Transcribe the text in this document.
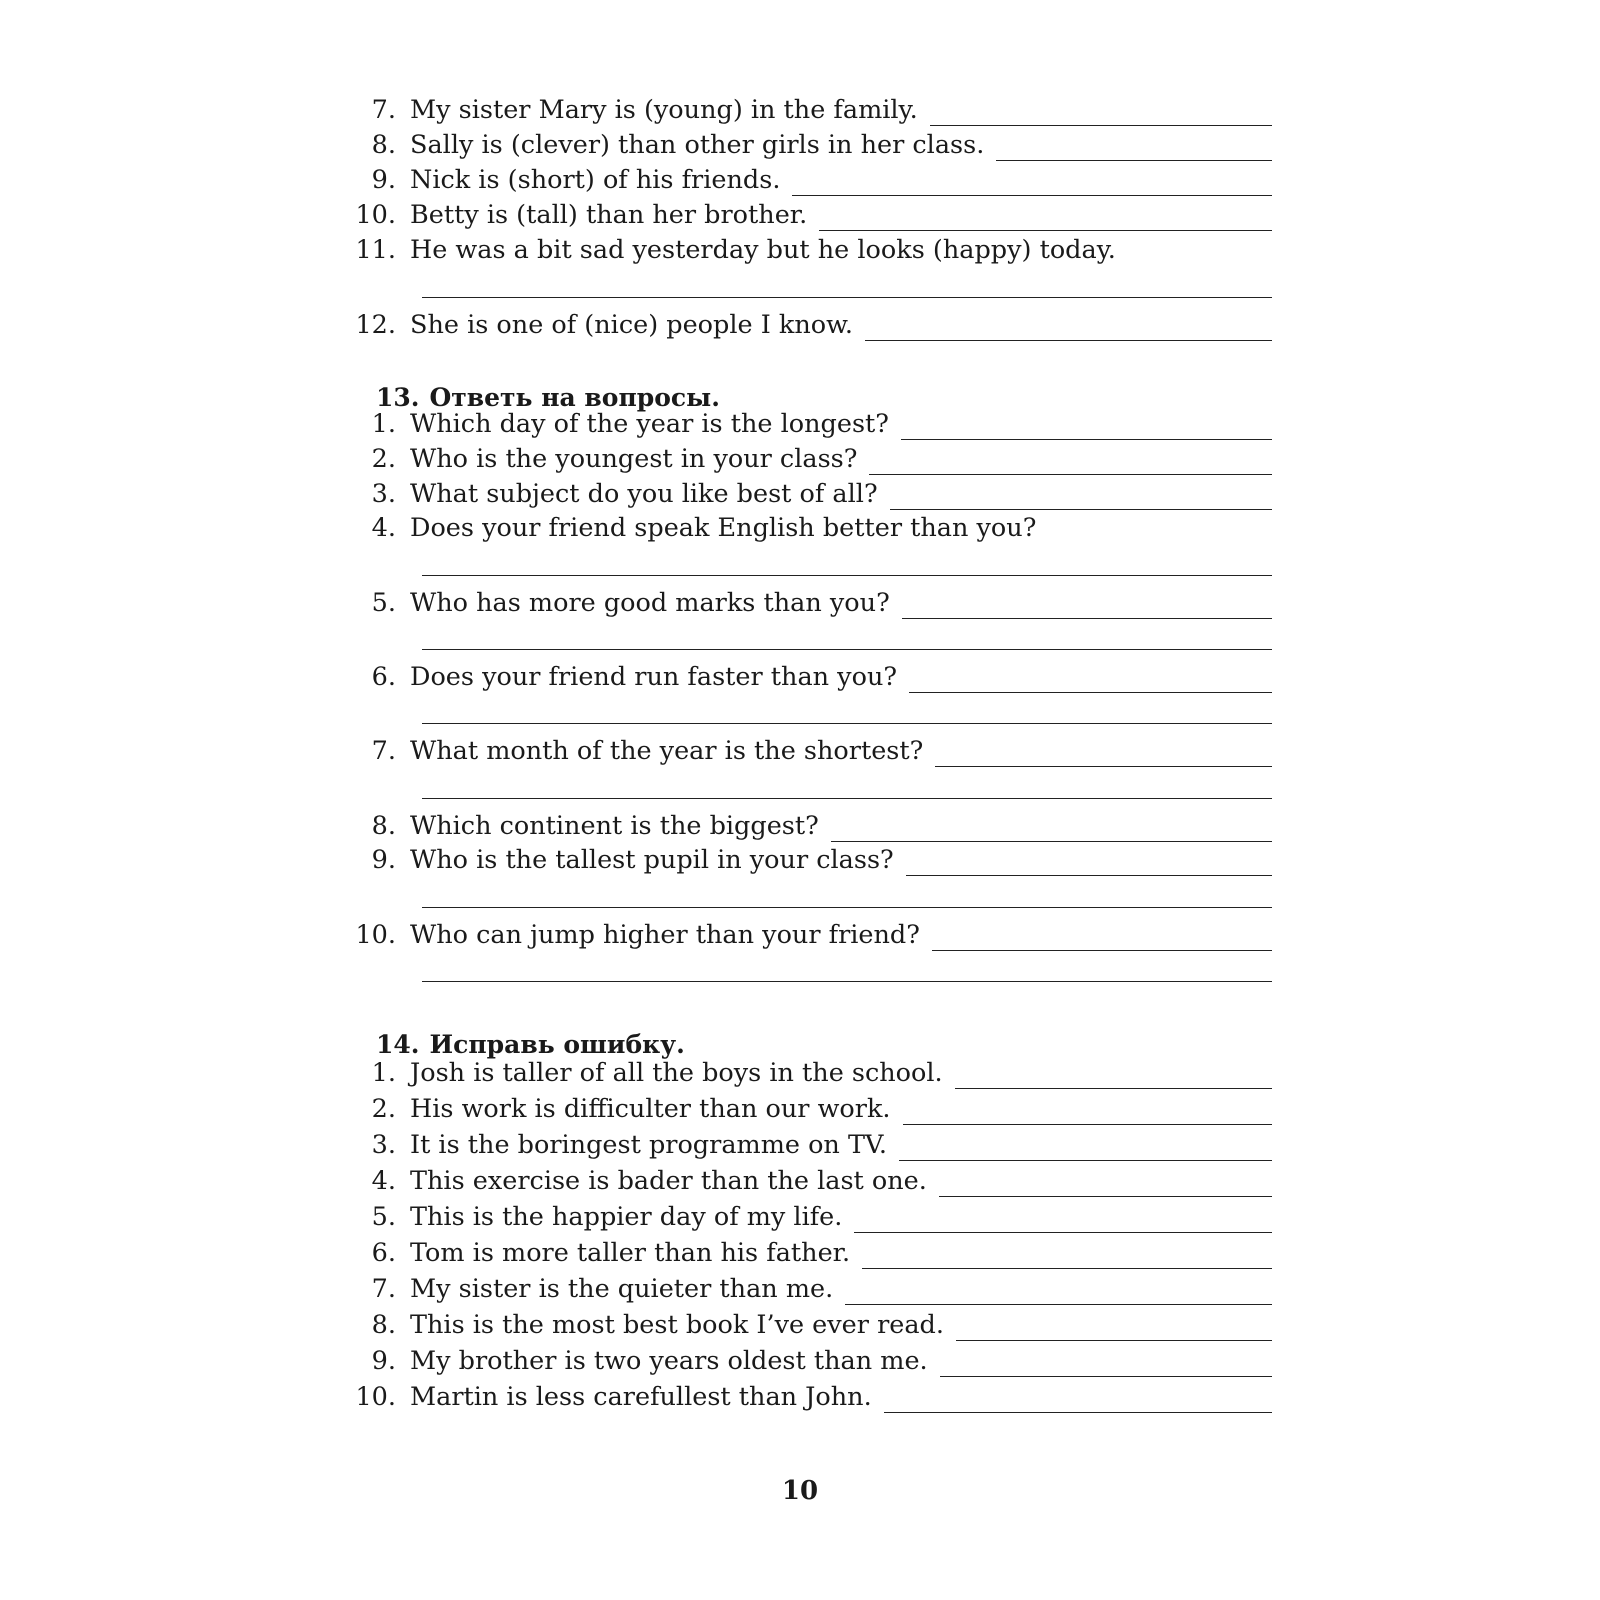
7. My sister Mary is (young) in the family.
8. Sally is (clever) than other girls in her class.
9. Nick is (short) of his friends.
10. Betty is (tall) than her brother.
11. He was a bit sad yesterday but he looks (happy) today.
12. She is one of (nice) people I know.
13. Ответь на вопросы.
1. Which day of the year is the longest?
2. Who is the youngest in your class?
3. What subject do you like best of all?
4. Does your friend speak English better than you?
5. Who has more good marks than you?
6. Does your friend run faster than you?
7. What month of the year is the shortest?
8. Which continent is the biggest?
9. Who is the tallest pupil in your class?
10. Who can jump higher than your friend?
14. Исправь ошибку.
1. Josh is taller of all the boys in the school.
2. His work is difficulter than our work.
3. It is the boringest programme on TV.
4. This exercise is bader than the last one.
5. This is the happier day of my life.
6. Tom is more taller than his father.
7. My sister is the quieter than me.
8. This is the most best book I’ve ever read.
9. My brother is two years oldest than me.
10. Martin is less carefullest than John.
10
